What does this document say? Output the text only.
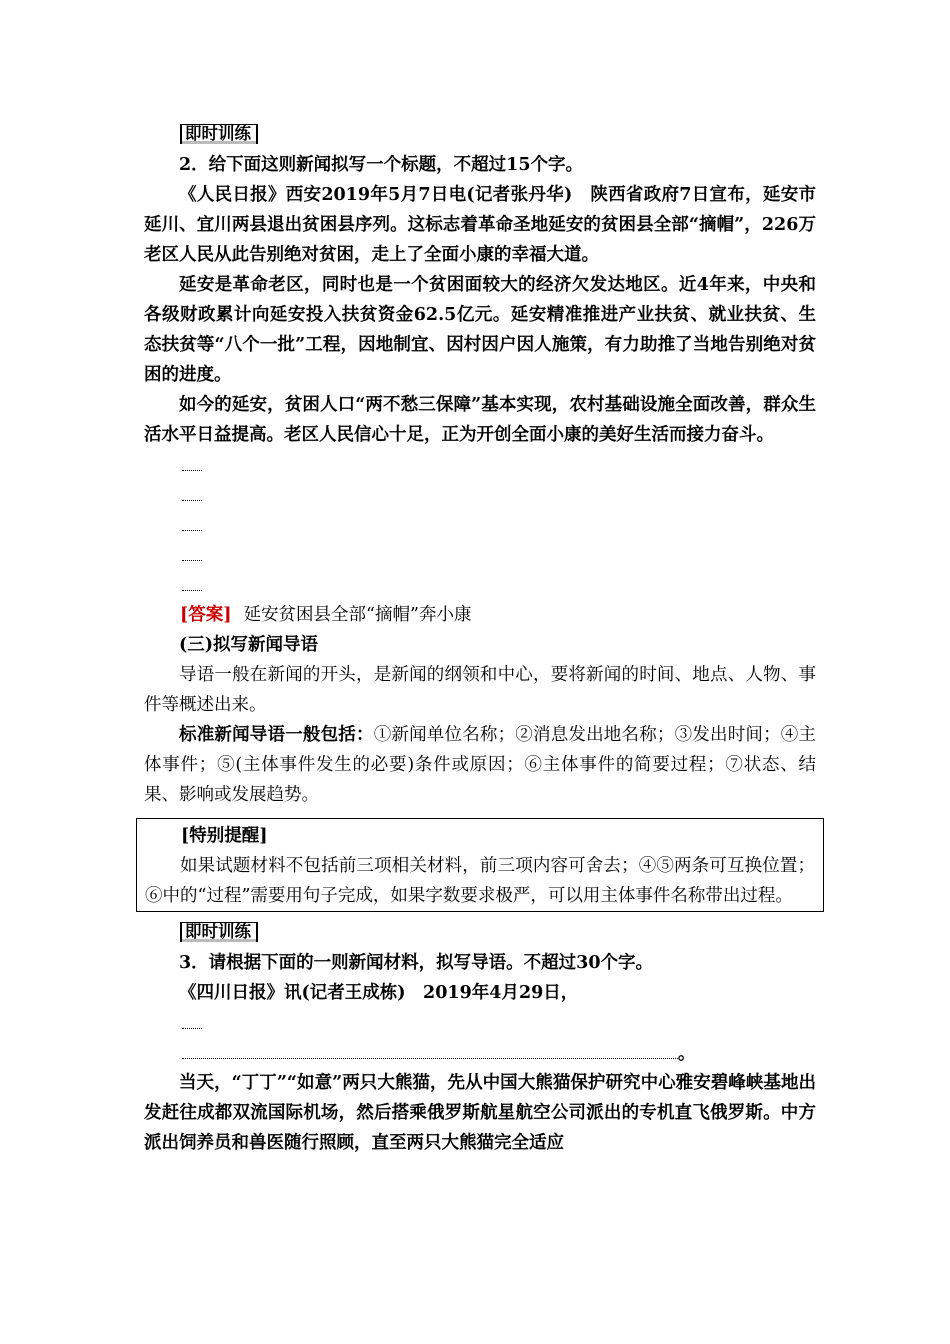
即时训练

2．给下面这则新闻拟写一个标题，不超过15个字。

《人民日报》西安2019年5月7日电(记者张丹华)　陕西省政府7日宣布，延安市延川、宜川两县退出贫困县序列。这标志着革命圣地延安的贫困县全部“摘帽”，226万老区人民从此告别绝对贫困，走上了全面小康的幸福大道。

延安是革命老区，同时也是一个贫困面较大的经济欠发达地区。近4年来，中央和各级财政累计向延安投入扶贫资金62.5亿元。延安精准推进产业扶贫、就业扶贫、生态扶贫等“八个一批”工程，因地制宜、因村因户因人施策，有力助推了当地告别绝对贫困的进度。

如今的延安，贫困人口“两不愁三保障”基本实现，农村基础设施全面改善，群众生活水平日益提高。老区人民信心十足，正为开创全面小康的美好生活而接力奋斗。

[答案] 延安贫困县全部“摘帽”奔小康

(三)拟写新闻导语

导语一般在新闻的开头，是新闻的纲领和中心，要将新闻的时间、地点、人物、事件等概述出来。

标准新闻导语一般包括：①新闻单位名称；②消息发出地名称；③发出时间；④主体事件；⑤(主体事件发生的必要)条件或原因；⑥主体事件的简要过程；⑦状态、结果、影响或发展趋势。

[特别提醒]

如果试题材料不包括前三项相关材料，前三项内容可舍去；④⑤两条可互换位置；⑥中的“过程”需要用句子完成，如果字数要求极严，可以用主体事件名称带出过程。

即时训练

3．请根据下面的一则新闻材料，拟写导语。不超过30个字。

《四川日报》讯(记者王成栋)　2019年4月29日，

。

当天，“丁丁”“如意”两只大熊猫，先从中国大熊猫保护研究中心雅安碧峰峡基地出发赶往成都双流国际机场，然后搭乘俄罗斯航星航空公司派出的专机直飞俄罗斯。中方派出饲养员和兽医随行照顾，直至两只大熊猫完全适应
